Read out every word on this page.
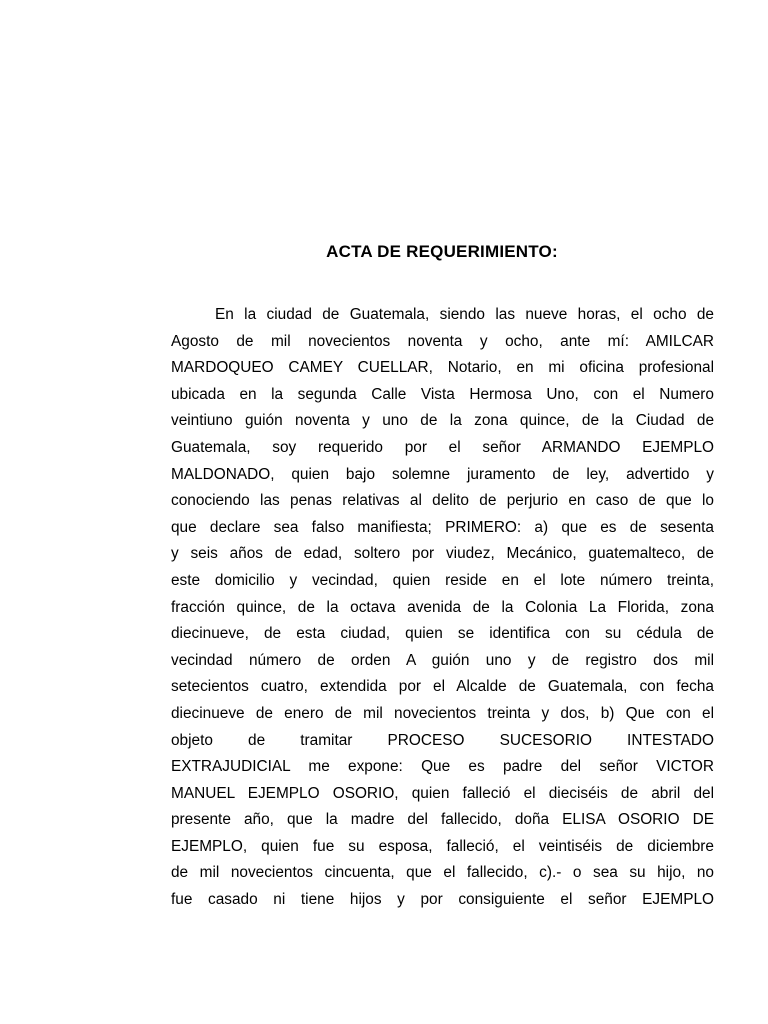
ACTA DE REQUERIMIENTO:
En la ciudad de Guatemala, siendo las nueve horas, el ocho de
Agosto de mil novecientos noventa y ocho, ante mí: AMILCAR
MARDOQUEO CAMEY CUELLAR, Notario, en mi oficina profesional
ubicada en la segunda Calle Vista Hermosa Uno, con el Numero
veintiuno guión noventa y uno de la zona quince, de la Ciudad de
Guatemala, soy requerido por el señor ARMANDO EJEMPLO
MALDONADO, quien bajo solemne juramento de ley, advertido y
conociendo las penas relativas al delito de perjurio en caso de que lo
que declare sea falso manifiesta; PRIMERO: a) que es de sesenta
y seis años de edad, soltero por viudez, Mecánico, guatemalteco, de
este domicilio y vecindad, quien reside en el lote número treinta,
fracción quince, de la octava avenida de la Colonia La Florida, zona
diecinueve, de esta ciudad, quien se identifica con su cédula de
vecindad número de orden A guión uno y de registro dos mil
setecientos cuatro, extendida por el Alcalde de Guatemala, con fecha
diecinueve de enero de mil novecientos treinta y dos, b) Que con el
objeto de tramitar PROCESO SUCESORIO INTESTADO
EXTRAJUDICIAL me expone: Que es padre del señor VICTOR
MANUEL EJEMPLO OSORIO, quien falleció el dieciséis de abril del
presente año, que la madre del fallecido, doña ELISA OSORIO DE
EJEMPLO, quien fue su esposa, falleció, el veintiséis de diciembre
de mil novecientos cincuenta, que el fallecido, c).- o sea su hijo, no
fue casado ni tiene hijos y por consiguiente el señor EJEMPLO
